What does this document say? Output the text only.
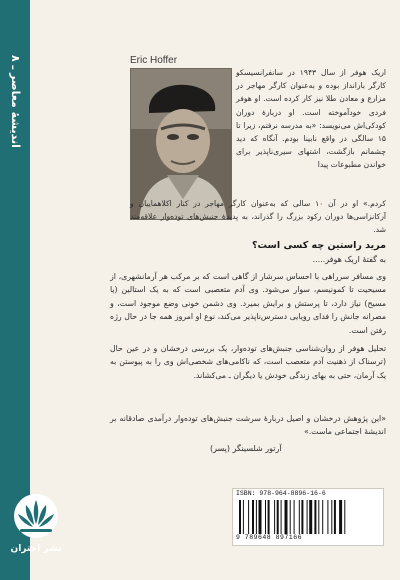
اندیشهٔ معاصر ـ ۸
نشر اختران
Eric Hoffer

اریک هوفر از سال ۱۹۴۳ در سانفرانسیسکو کارگر بارانداز بوده و به‌عنوان کارگر مهاجر در مزارع و معادن طلا نیز کار کرده است. او هوفر فردی خودآموخته است. او دربارهٔ دوران کودکی‌اش می‌نویسد: «به مدرسه نرفتم، زیرا تا ۱۵ سالگی در واقع نابینا بودم. آنگاه که دید چشمانم بازگشت، اشتهای سیری‌ناپذیر برای خواندن مطبوعات پیدا

کردم.» او در آن ۱۰ سالی که به‌عنوان کارگر مهاجر در کنار اکلاهماییان و آرکانزاسی‌ها دوران رکود بزرگ را گذراند، به پدیدهٔ جنبش‌های توده‌وار علاقه‌مند شد.

مرید راستین چه کسی است؟

به گفتهٔ اریک هوفر.....

وی مسافر سرراهی با احساس سرشار از گاهی است که بر مرکب هر آرمانشهری، از مسیحیت تا کمونیسم، سوار می‌شود. وی آدم متعصبی است که به یک استالین (یا مسیح) نیاز دارد، تا پرستش و برایش بمیرد. وی دشمن خونی وضع موجود است، و مصرانه جانش را فدای رویایی دسترس‌ناپذیر می‌کند، نوع او امروز همه جا در حال رژه رفتن است.

تحلیل هوفر از روان‌شناسی جنبش‌های توده‌وار، یک بررسی درخشان و در عین حال (ترسناک از ذهنیت آدم متعصب است، که ناکامی‌های شخصی‌اش وی را به پیوستن به یک آرمان، حتی به بهای زندگی خودش یا دیگران ـ می‌کشاند.

«این پژوهش درخشان و اصیل دربارهٔ سرشت جنبش‌های توده‌وار درآمدی صادقانه بر اندیشهٔ اجتماعی ماست.»

آرتور شلسینگر (پسر)

ISBN: 978-964-8896-16-6
9 789648 897166
